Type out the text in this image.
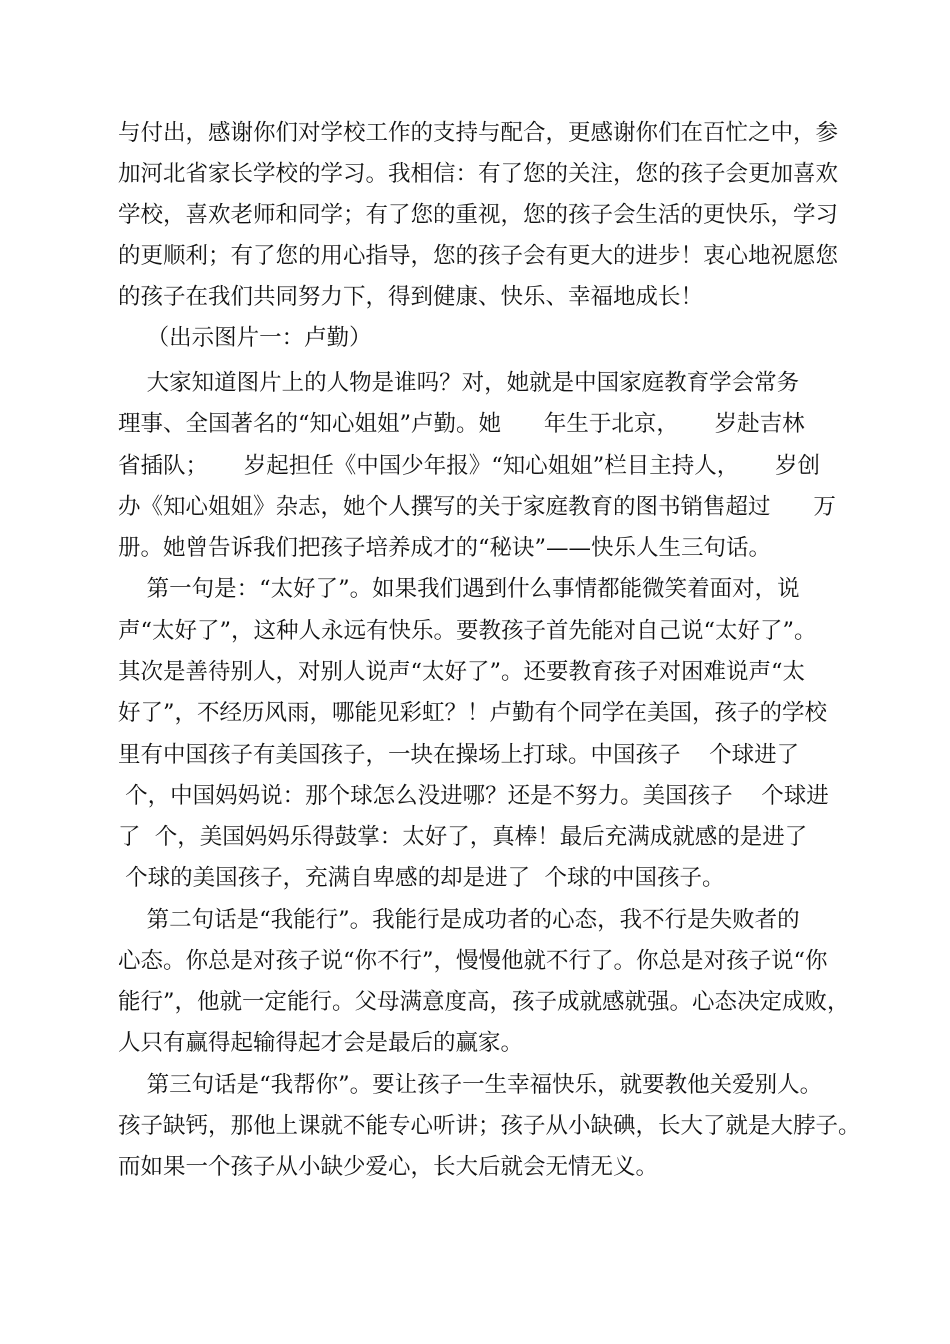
与付出，感谢你们对学校工作的支持与配合，更感谢你们在百忙之中，参
加河北省家长学校的学习。我相信：有了您的关注，您的孩子会更加喜欢
学校，喜欢老师和同学；有了您的重视，您的孩子会生活的更快乐，学习
的更顺利；有了您的用心指导，您的孩子会有更大的进步！衷心地祝愿您
的孩子在我们共同努力下，得到健康、快乐、幸福地成长！
（出示图片一：卢勤）
大家知道图片上的人物是谁吗？对，她就是中国家庭教育学会常务
理事、全国著名的“知心姐姐”卢勤。她      年生于北京，     岁赴吉林
省插队；     岁起担任《中国少年报》“知心姐姐”栏目主持人，     岁创
办《知心姐姐》杂志，她个人撰写的关于家庭教育的图书销售超过      万
册。她曾告诉我们把孩子培养成才的“秘诀”——快乐人生三句话。
第一句是：“太好了”。如果我们遇到什么事情都能微笑着面对，说
声“太好了”，这种人永远有快乐。要教孩子首先能对自己说“太好了”。
其次是善待别人，对别人说声“太好了”。还要教育孩子对困难说声“太
好了”，不经历风雨，哪能见彩虹？！卢勤有个同学在美国，孩子的学校
里有中国孩子有美国孩子，一块在操场上打球。中国孩子    个球进了
个，中国妈妈说：那个球怎么没进哪？还是不努力。美国孩子    个球进
了  个，美国妈妈乐得鼓掌：太好了，真棒！最后充满成就感的是进了
个球的美国孩子，充满自卑感的却是进了  个球的中国孩子。
第二句话是“我能行”。我能行是成功者的心态，我不行是失败者的
心态。你总是对孩子说“你不行”，慢慢他就不行了。你总是对孩子说“你
能行”，他就一定能行。父母满意度高，孩子成就感就强。心态决定成败，
人只有赢得起输得起才会是最后的赢家。
第三句话是“我帮你”。要让孩子一生幸福快乐，就要教他关爱别人。
孩子缺钙，那他上课就不能专心听讲；孩子从小缺碘，长大了就是大脖子。
而如果一个孩子从小缺少爱心，长大后就会无情无义。
